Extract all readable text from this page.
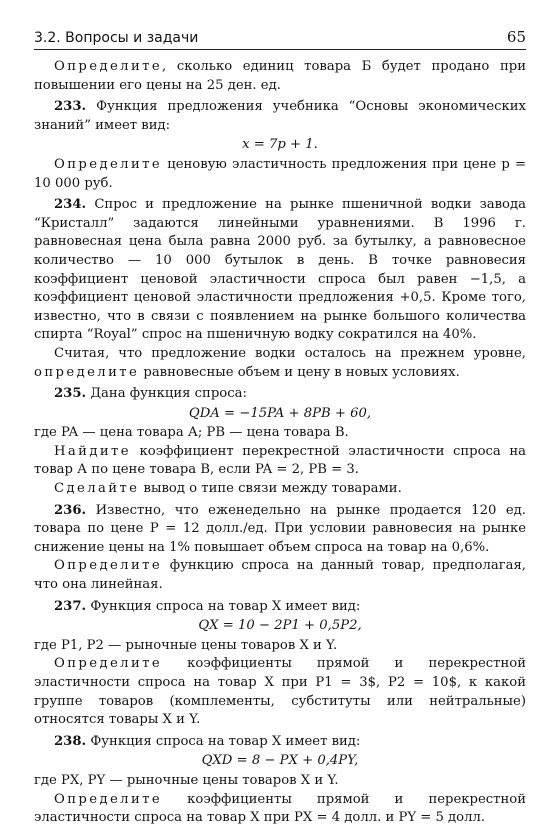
3.2. Вопросы и задачи	65

Определите, сколько единиц товара Б будет продано при повышении его цены на 25 ден. ед.

233. Функция предложения учебника “Основы экономических знаний” имеет вид:

x = 7p + 1.

Определите ценовую эластичность предложения при цене p = 10 000 руб.

234. Спрос и предложение на рынке пшеничной водки завода “Кристалл” задаются линейными уравнениями. В 1996 г. равновесная цена была равна 2000 руб. за бутылку, а равновесное количество — 10 000 бутылок в день. В точке равновесия коэффициент ценовой эластичности спроса был равен −1,5, а коэффициент ценовой эластичности предложения +0,5. Кроме того, известно, что в связи с появлением на рынке большого количества спирта “Royal” спрос на пшеничную водку сократился на 40%.

Считая, что предложение водки осталось на прежнем уровне, определите равновесные объем и цену в новых условиях.

235. Дана функция спроса:

QDA = −15PA + 8PB + 60,

где PA — цена товара А; PB — цена товара В.

Найдите коэффициент перекрестной эластичности спроса на товар А по цене товара В, если PA = 2, PB = 3.

Сделайте вывод о типе связи между товарами.

236. Известно, что еженедельно на рынке продается 120 ед. товара по цене P = 12 долл./ед. При условии равновесия на рынке снижение цены на 1% повышает объем спроса на товар на 0,6%.

Определите функцию спроса на данный товар, предполагая, что она линейная.

237. Функция спроса на товар X имеет вид:

QX = 10 − 2P1 + 0,5P2,

где P1, P2 — рыночные цены товаров X и Y.

Определите коэффициенты прямой и перекрестной эластичности спроса на товар X при P1 = 3$, P2 = 10$, к какой группе товаров (комплементы, субституты или нейтральные) относятся товары X и Y.

238. Функция спроса на товар X имеет вид:

QXD = 8 − PX + 0,4PY,

где PX, PY — рыночные цены товаров X и Y.

Определите коэффициенты прямой и перекрестной эластичности спроса на товар X при PX = 4 долл. и PY = 5 долл.
